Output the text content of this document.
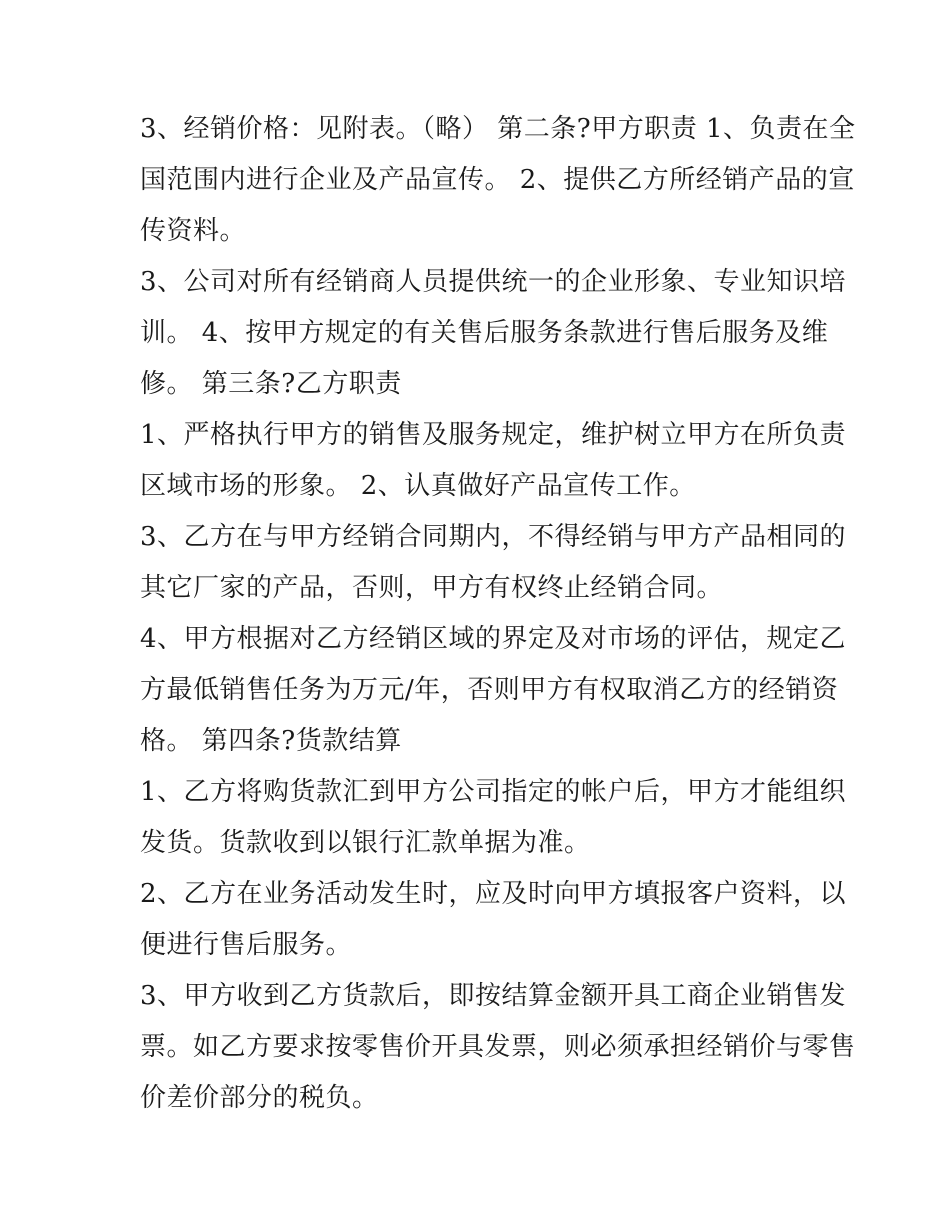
3、经销价格：见附表。（略） 第二条?甲方职责 1、负责在全
国范围内进行企业及产品宣传。 2、提供乙方所经销产品的宣
传资料。

3、公司对所有经销商人员提供统一的企业形象、专业知识培
训。 4、按甲方规定的有关售后服务条款进行售后服务及维
修。 第三条?乙方职责

1、严格执行甲方的销售及服务规定，维护树立甲方在所负责
区域市场的形象。 2、认真做好产品宣传工作。

3、乙方在与甲方经销合同期内，不得经销与甲方产品相同的
其它厂家的产品，否则，甲方有权终止经销合同。

4、甲方根据对乙方经销区域的界定及对市场的评估，规定乙
方最低销售任务为万元/年，否则甲方有权取消乙方的经销资
格。 第四条?货款结算

1、乙方将购货款汇到甲方公司指定的帐户后，甲方才能组织
发货。货款收到以银行汇款单据为准。

2、乙方在业务活动发生时，应及时向甲方填报客户资料，以
便进行售后服务。

3、甲方收到乙方货款后，即按结算金额开具工商企业销售发
票。如乙方要求按零售价开具发票，则必须承担经销价与零售
价差价部分的税负。
